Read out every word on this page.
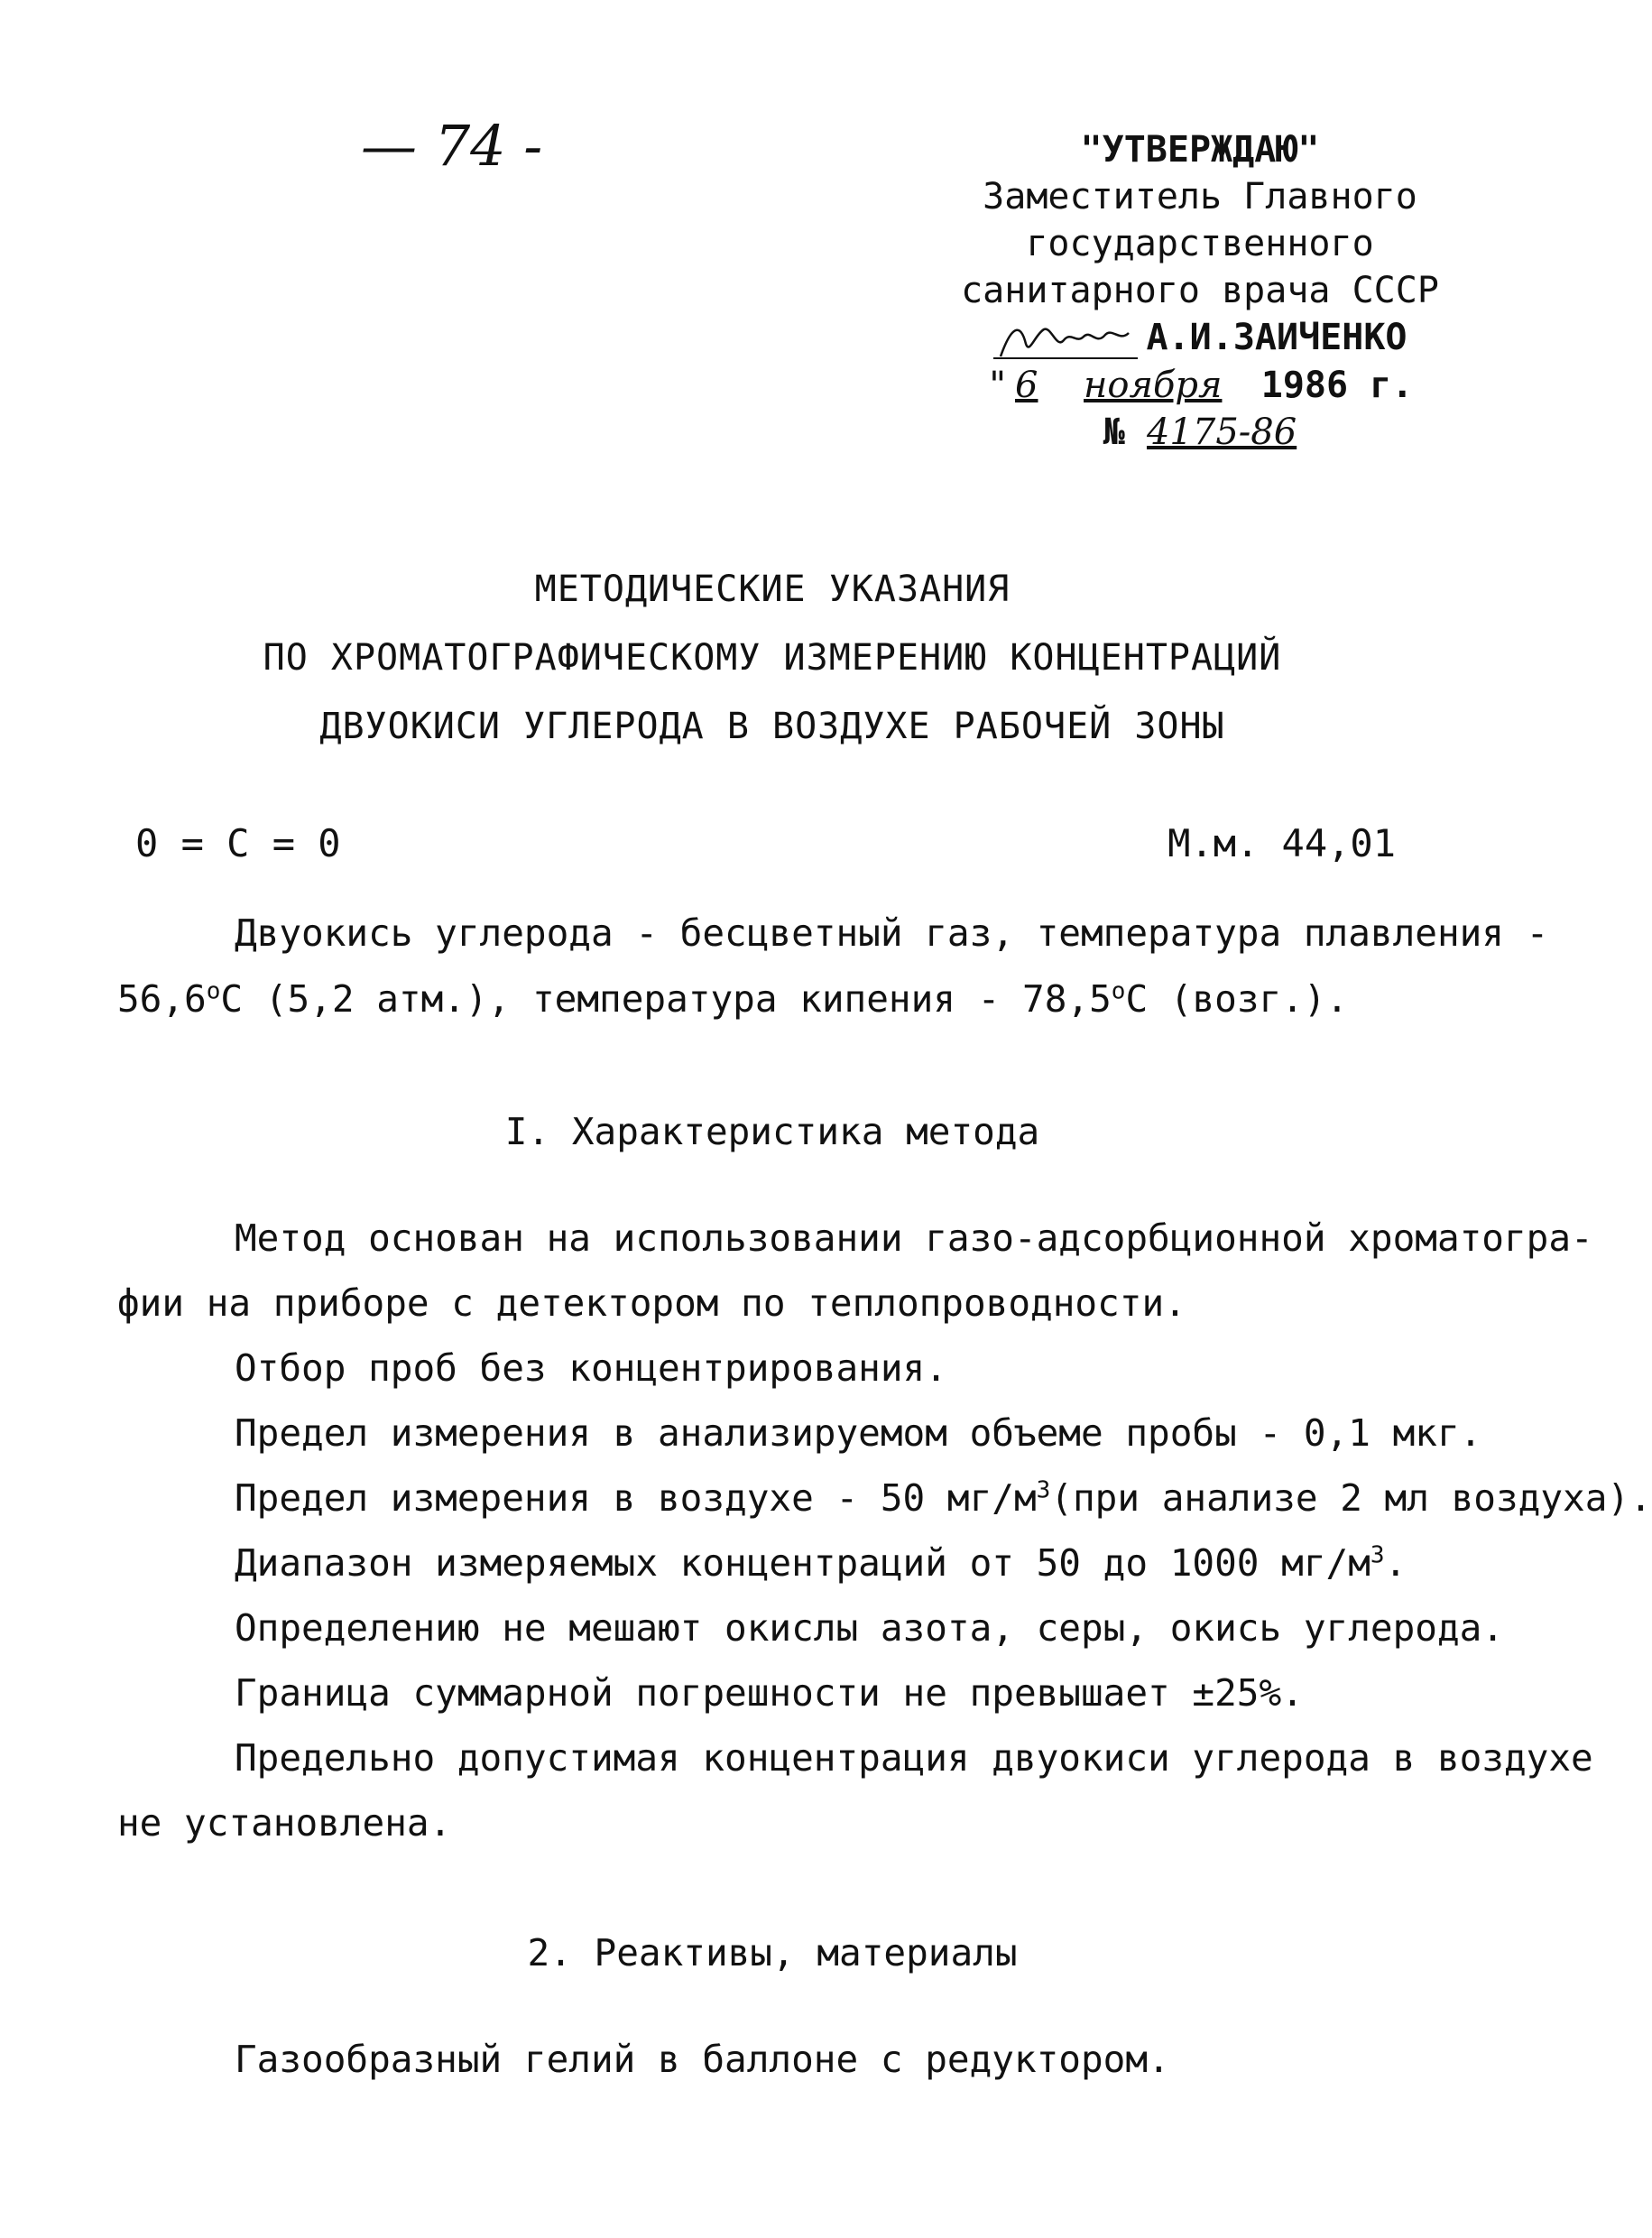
— 74 -	"УТВЕРЖДАЮ"
Заместитель Главного
государственного
санитарного врача СССР
А.И.ЗАИЧЕНКО
" 6 ноября 1986 г.
№ 4175-86
МЕТОДИЧЕСКИЕ УКАЗАНИЯ
ПО ХРОМАТОГРАФИЧЕСКОМУ ИЗМЕРЕНИЮ КОНЦЕНТРАЦИЙ
ДВУОКИСИ УГЛЕРОДА В ВОЗДУХЕ РАБОЧЕЙ ЗОНЫ
0 = C = 0	М.м. 44,01
Двуокись углерода - бесцветный газ, температура плавления -
56,6$^o$С (5,2 атм.), температура кипения - 78,5$^o$С (возг.).
I. Характеристика метода
Метод основан на использовании газо-адсорбционной хроматогра-
фии на приборе с детектором по теплопроводности.
Отбор проб без концентрирования.
Предел измерения в анализируемом объеме пробы - 0,1 мкг.
Предел измерения в воздухе - 50 $мг/м^3(при$ анализе 2 мл воздуха).
Диапазон измеряемых концентраций от 50 до 1000 $мг/м^3$.
Определению не мешают окислы азота, серы, окись углерода.
Граница суммарной погрешности не превышает ±25%.
Предельно допустимая концентрация двуокиси углерода в воздухе
не установлена.
2. Реактивы, материалы
Газообразный гелий в баллоне с редуктором.
